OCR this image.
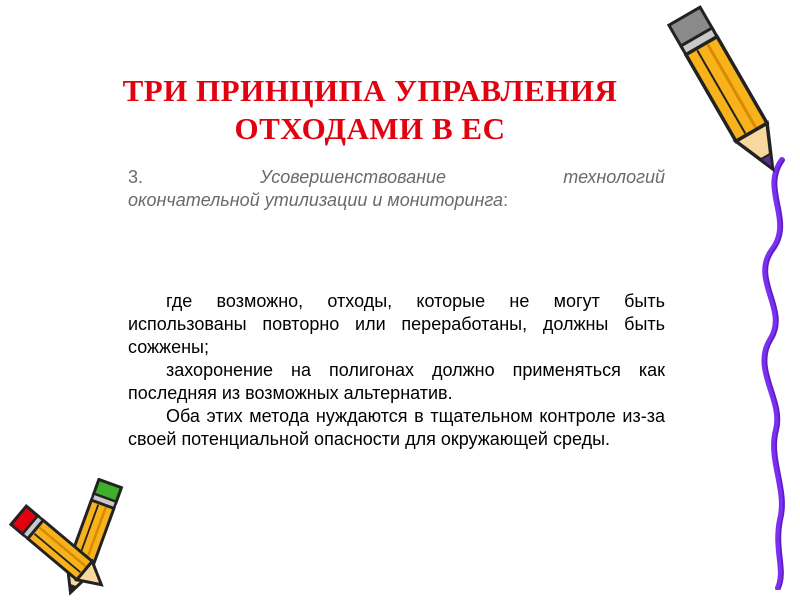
ТРИ ПРИНЦИПА УПРАВЛЕНИЯ
ОТХОДАМИ В ЕС
3.	Усовершенствование	технологий
окончательной утилизации и мониторинга:

где возможно, отходы, которые не могут быть использованы повторно или переработаны, должны быть сожжены;

захоронение на полигонах должно применяться как последняя из возможных альтернатив.

Оба этих метода нуждаются в тщательном контроле из-за своей потенциальной опасности для окружающей среды.
